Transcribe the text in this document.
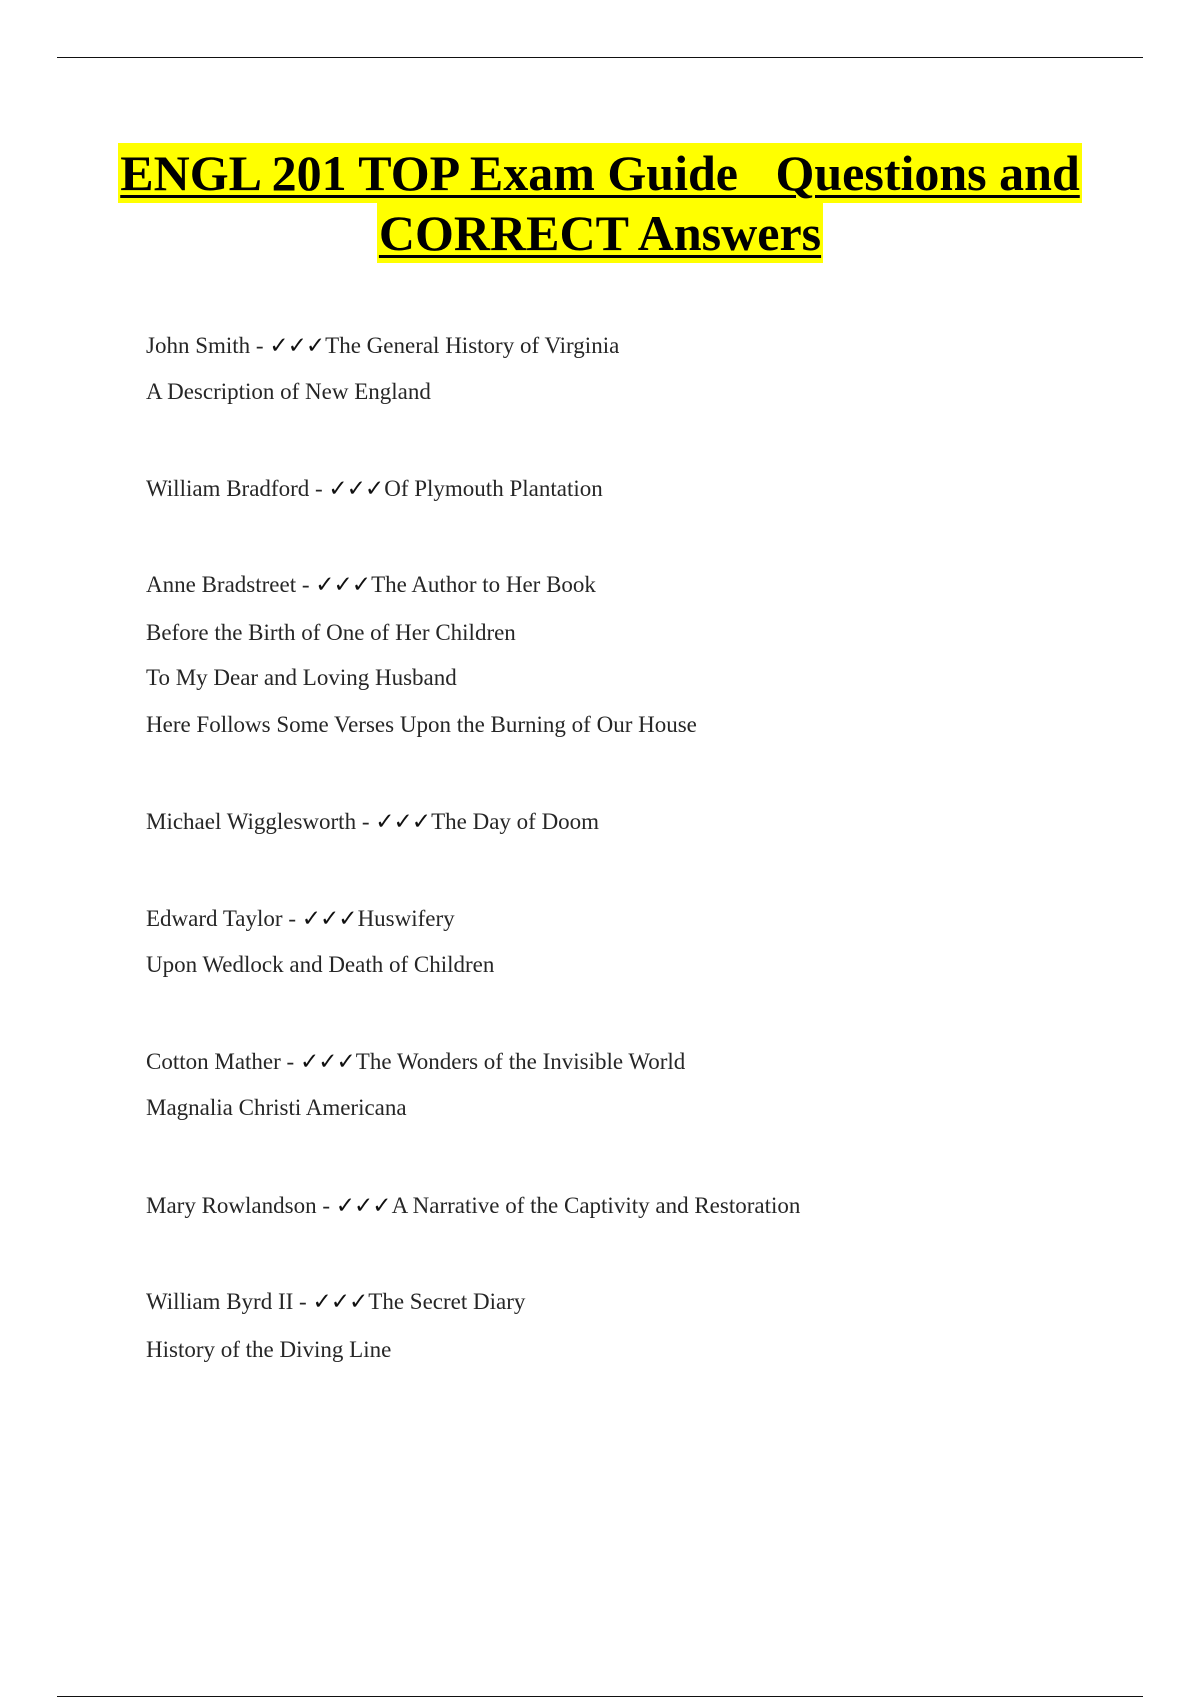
ENGL 201 TOP Exam Guide   Questions and
CORRECT Answers
John Smith - ✓✓✓The General History of Virginia
A Description of New England
William Bradford - ✓✓✓Of Plymouth Plantation
Anne Bradstreet - ✓✓✓The Author to Her Book
Before the Birth of One of Her Children
To My Dear and Loving Husband
Here Follows Some Verses Upon the Burning of Our House
Michael Wigglesworth - ✓✓✓The Day of Doom
Edward Taylor - ✓✓✓Huswifery
Upon Wedlock and Death of Children
Cotton Mather - ✓✓✓The Wonders of the Invisible World
Magnalia Christi Americana
Mary Rowlandson - ✓✓✓A Narrative of the Captivity and Restoration
William Byrd II - ✓✓✓The Secret Diary
History of the Diving Line
